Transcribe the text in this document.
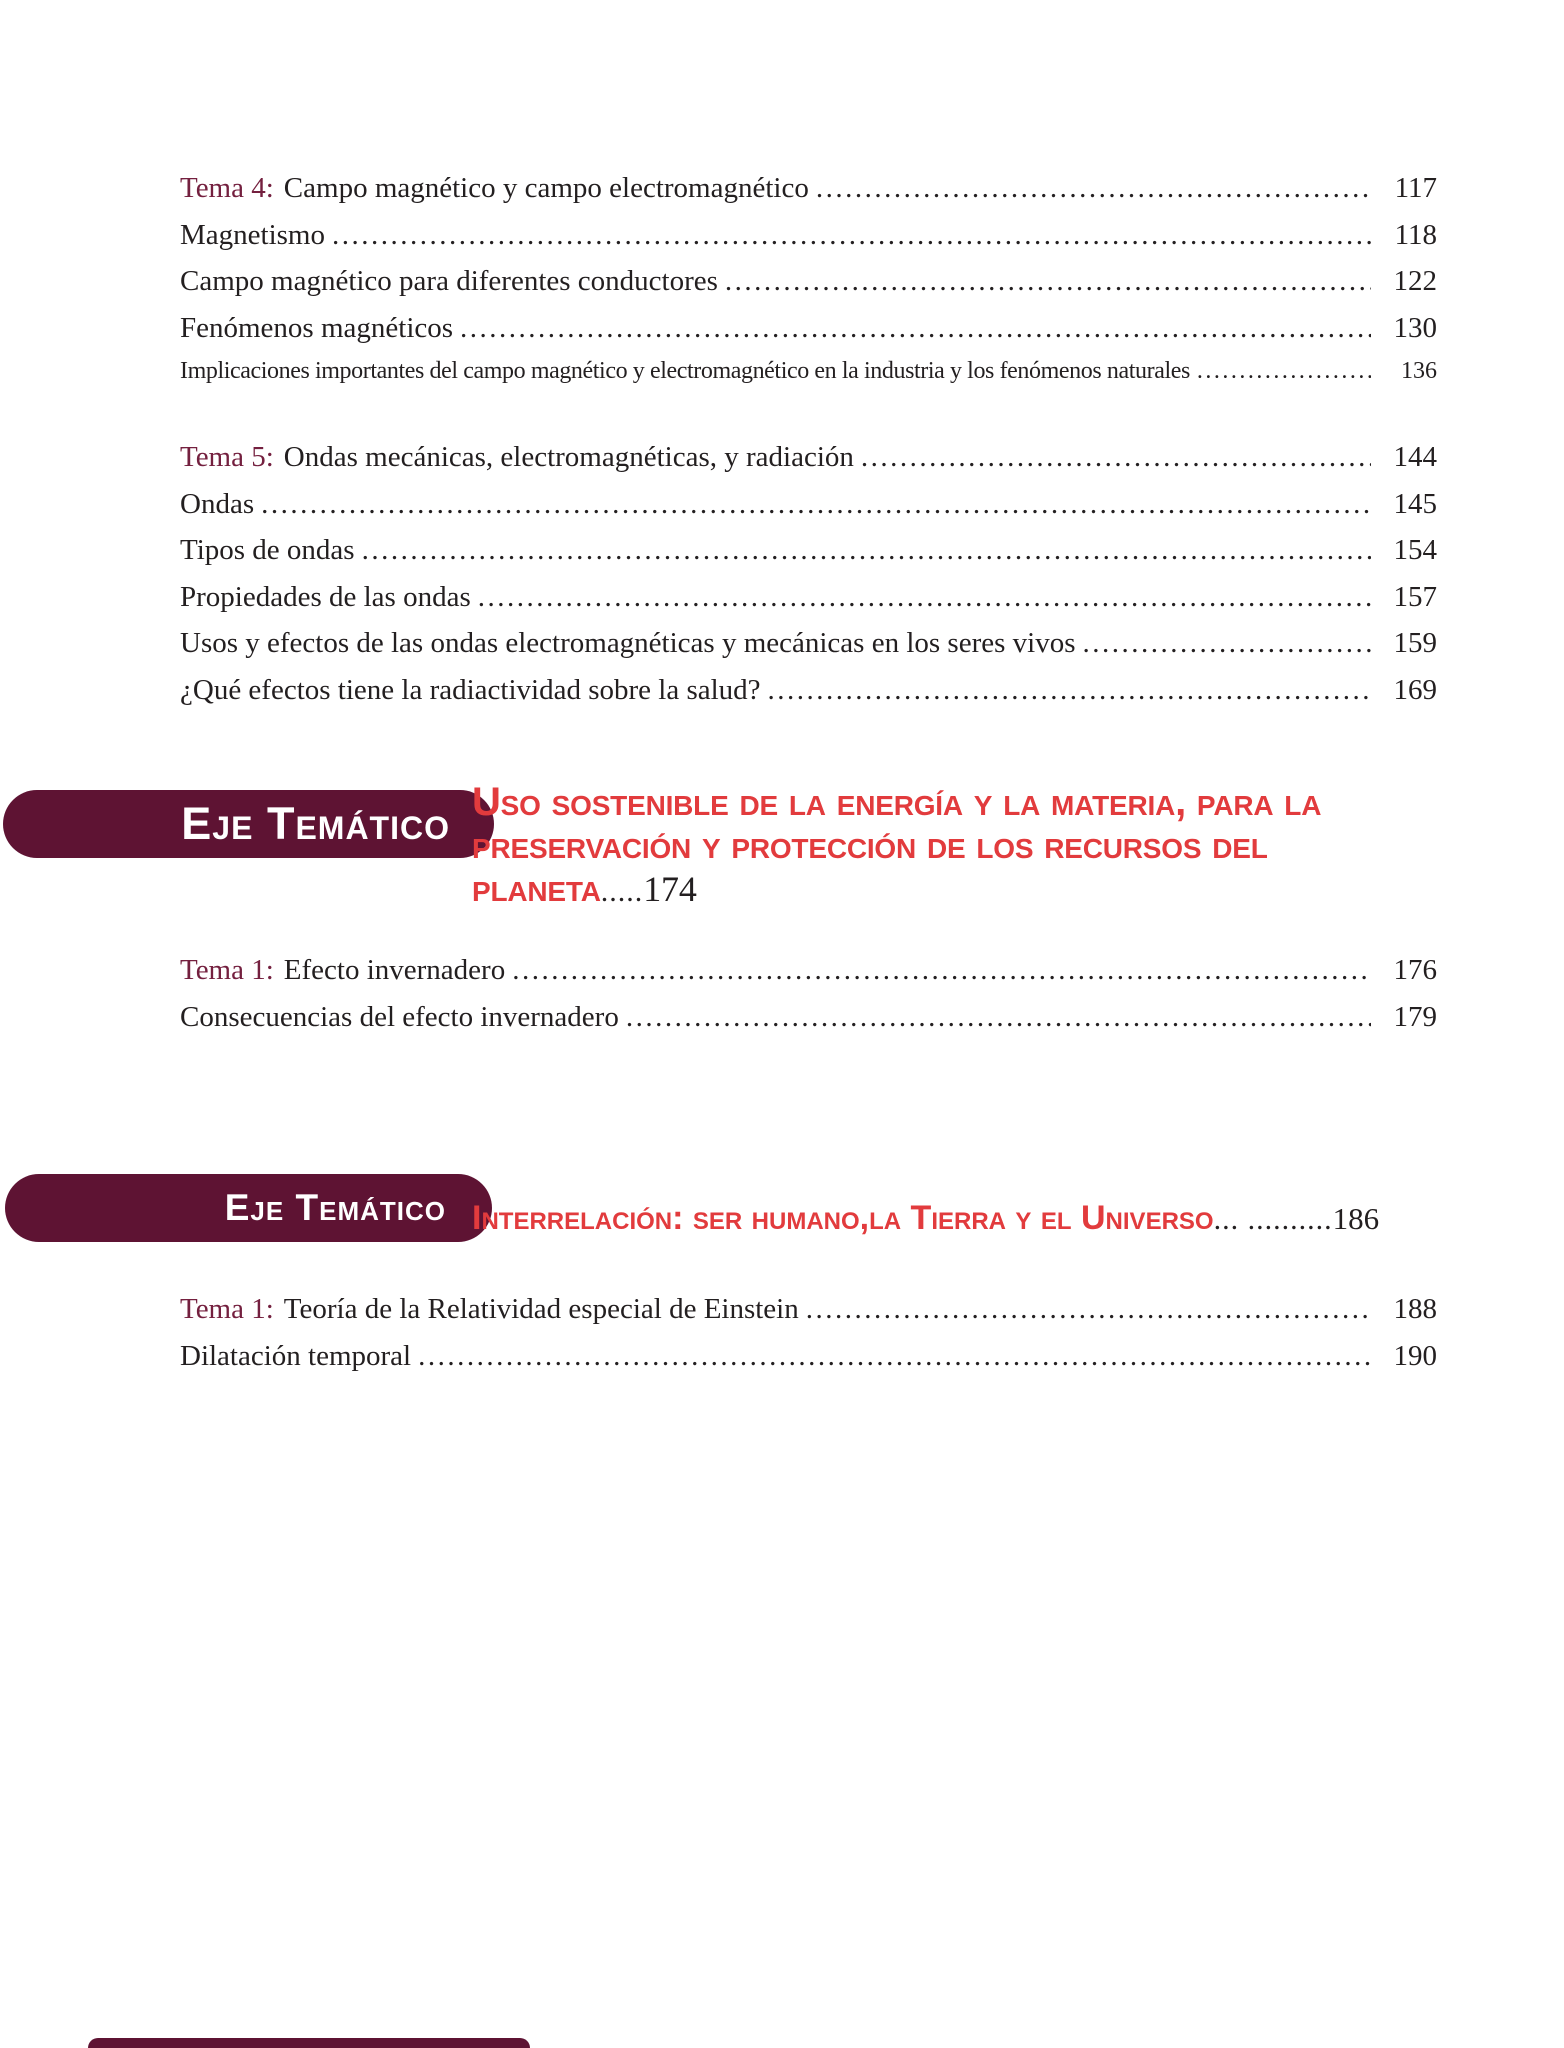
Tema 4: Campo magnético y campo electromagnético .....	117
Magnetismo .....	118
Campo magnético para diferentes conductores .....	122
Fenómenos magnéticos .....	130
Implicaciones importantes del campo magnético y electromagnético en la industria y los fenómenos naturales .....	136
Tema 5: Ondas mecánicas, electromagnéticas, y radiación .....	144
Ondas .....	145
Tipos de ondas .....	154
Propiedades de las ondas .....	157
Usos y efectos de las ondas electromagnéticas y mecánicas en los seres vivos .....	159
¿Qué efectos tiene la radiactividad sobre la salud? .....	169
Eje Temático Uso sostenible de la energía y la materia, para la preservación y protección de los recursos del planeta.....174
Tema 1: Efecto invernadero .....	176
Consecuencias del efecto invernadero .....	179
Eje Temático Interrelación: ser humano,la Tierra y el Universo... ..........186
Tema 1: Teoría de la Relatividad especial de Einstein .....	188
Dilatación temporal .....	190
